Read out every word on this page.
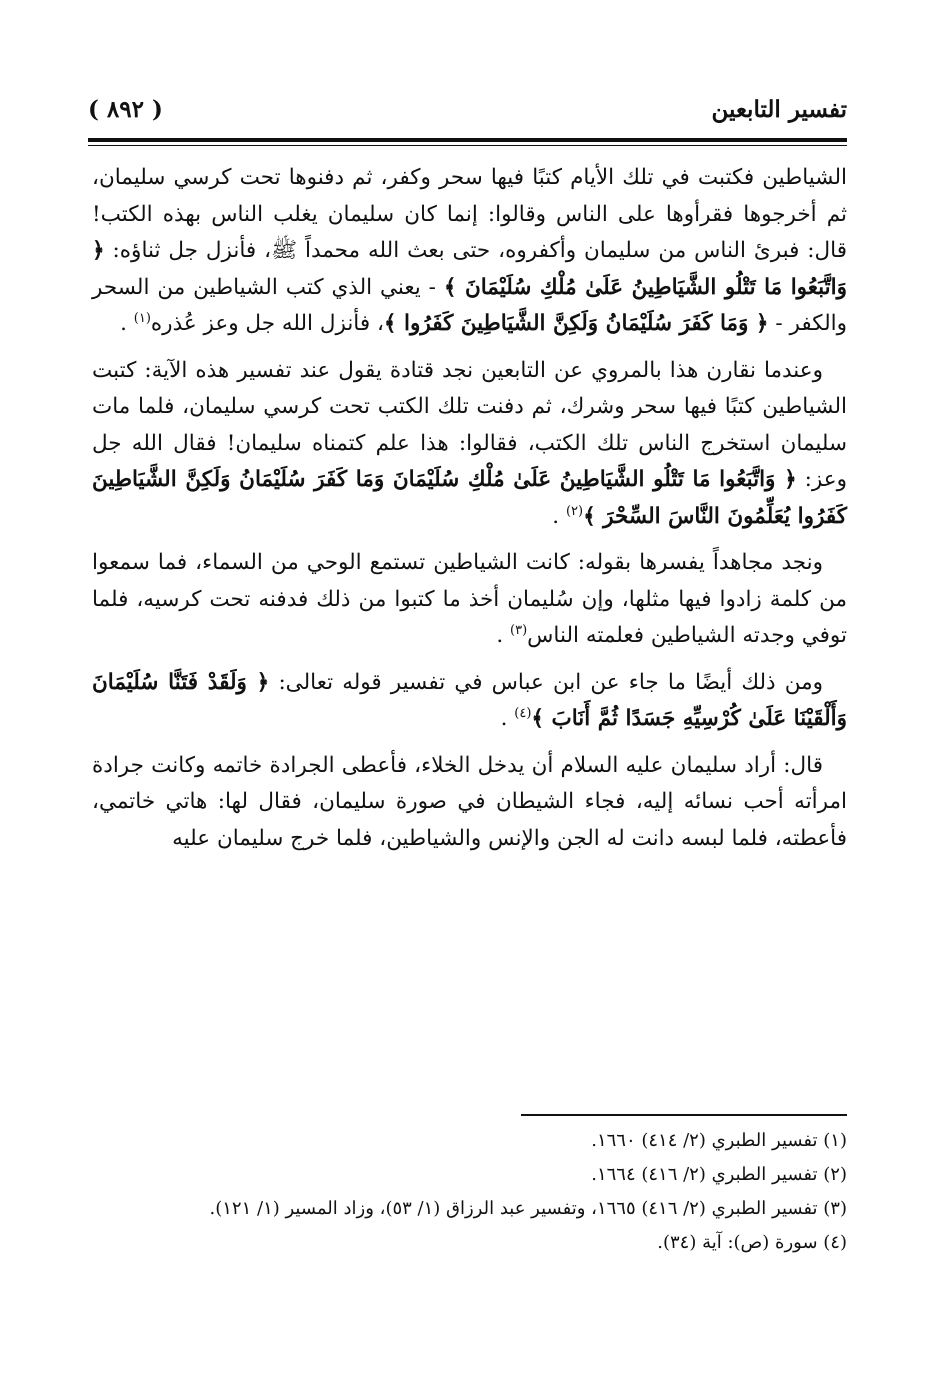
تفسير التابعين
( ٨٩٢ )

الشياطين فكتبت في تلك الأيام كتبًا فيها سحر وكفر، ثم دفنوها تحت كرسي سليمان، ثم أخرجوها فقرأوها على الناس وقالوا: إنما كان سليمان يغلب الناس بهذه الكتب! قال: فبرئ الناس من سليمان وأكفروه، حتى بعث الله محمداً ﷺ، فأنزل جل ثناؤه: ﴿ وَاتَّبَعُوا مَا تَتْلُو الشَّيَاطِينُ عَلَىٰ مُلْكِ سُلَيْمَانَ ﴾ - يعني الذي كتب الشياطين من السحر والكفر - ﴿ وَمَا كَفَرَ سُلَيْمَانُ وَلَكِنَّ الشَّيَاطِينَ كَفَرُوا ﴾، فأنزل الله جل وعز عُذره$^{(١)}$ .

وعندما نقارن هذا بالمروي عن التابعين نجد قتادة يقول عند تفسير هذه الآية: كتبت الشياطين كتبًا فيها سحر وشرك، ثم دفنت تلك الكتب تحت كرسي سليمان، فلما مات سليمان استخرج الناس تلك الكتب، فقالوا: هذا علم كتمناه سليمان! فقال الله جل وعز: ﴿ وَاتَّبَعُوا مَا تَتْلُو الشَّيَاطِينُ عَلَىٰ مُلْكِ سُلَيْمَانَ وَمَا كَفَرَ سُلَيْمَانُ وَلَكِنَّ الشَّيَاطِينَ كَفَرُوا يُعَلِّمُونَ النَّاسَ السِّحْرَ ﴾$^{(٢)}$ .

ونجد مجاهداً يفسرها بقوله: كانت الشياطين تستمع الوحي من السماء، فما سمعوا من كلمة زادوا فيها مثلها، وإن سُليمان أخذ ما كتبوا من ذلك فدفنه تحت كرسيه، فلما توفي وجدته الشياطين فعلمته الناس$^{(٣)}$ .

ومن ذلك أيضًا ما جاء عن ابن عباس في تفسير قوله تعالى: ﴿ وَلَقَدْ فَتَنَّا سُلَيْمَانَ وَأَلْقَيْنَا عَلَىٰ كُرْسِيِّهِ جَسَدًا ثُمَّ أَنَابَ ﴾$^{(٤)}$ .

قال: أراد سليمان عليه السلام أن يدخل الخلاء، فأعطى الجرادة خاتمه وكانت جرادة امرأته أحب نسائه إليه، فجاء الشيطان في صورة سليمان، فقال لها: هاتي خاتمي، فأعطته، فلما لبسه دانت له الجن والإنس والشياطين، فلما خرج سليمان عليه

(١) تفسير الطبري (٢/ ٤١٤) ١٦٦٠.
(٢) تفسير الطبري (٢/ ٤١٦) ١٦٦٤.
(٣) تفسير الطبري (٢/ ٤١٦) ١٦٦٥، وتفسير عبد الرزاق (١/ ٥٣)، وزاد المسير (١/ ١٢١).
(٤) سورة (ص): آية (٣٤).
